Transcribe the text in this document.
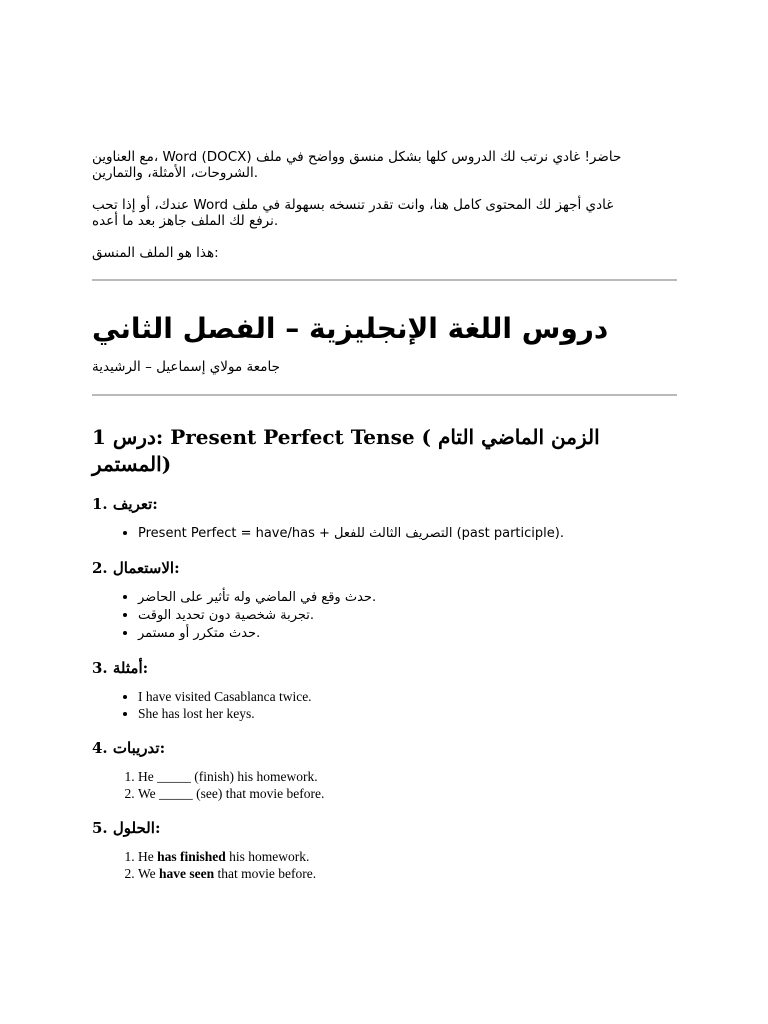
مع العناوين، Word (DOCX) حاضر! غادي نرتب لك الدروس كلها بشكل منسق وواضح في ملف
الشروحات، الأمثلة، والتمارين.

عندك، أو إذا تحب Word غادي أجهز لك المحتوى كامل هنا، وانت تقدر تنسخه بسهولة في ملف
نرفع لك الملف جاهز بعد ما أعده.

هذا هو الملف المنسق:

دروس اللغة الإنجليزية – الفصل الثاني

جامعة مولاي إسماعيل – الرشيدية

1 درس: Present Perfect Tense ( الزمن الماضي التام
المستمر)
1. تعريف:
• Present Perfect = have/has + التصريف الثالث للفعل (past participle).
2. الاستعمال:
• حدث وقع في الماضي وله تأثير على الحاضر.
• تجربة شخصية دون تحديد الوقت.
• حدث متكرر أو مستمر.
3. أمثلة:
• I have visited Casablanca twice.
• She has lost her keys.
4. تدريبات:
1. He _____ (finish) his homework.
2. We _____ (see) that movie before.
5. الحلول:
1. He has finished his homework.
2. We have seen that movie before.
